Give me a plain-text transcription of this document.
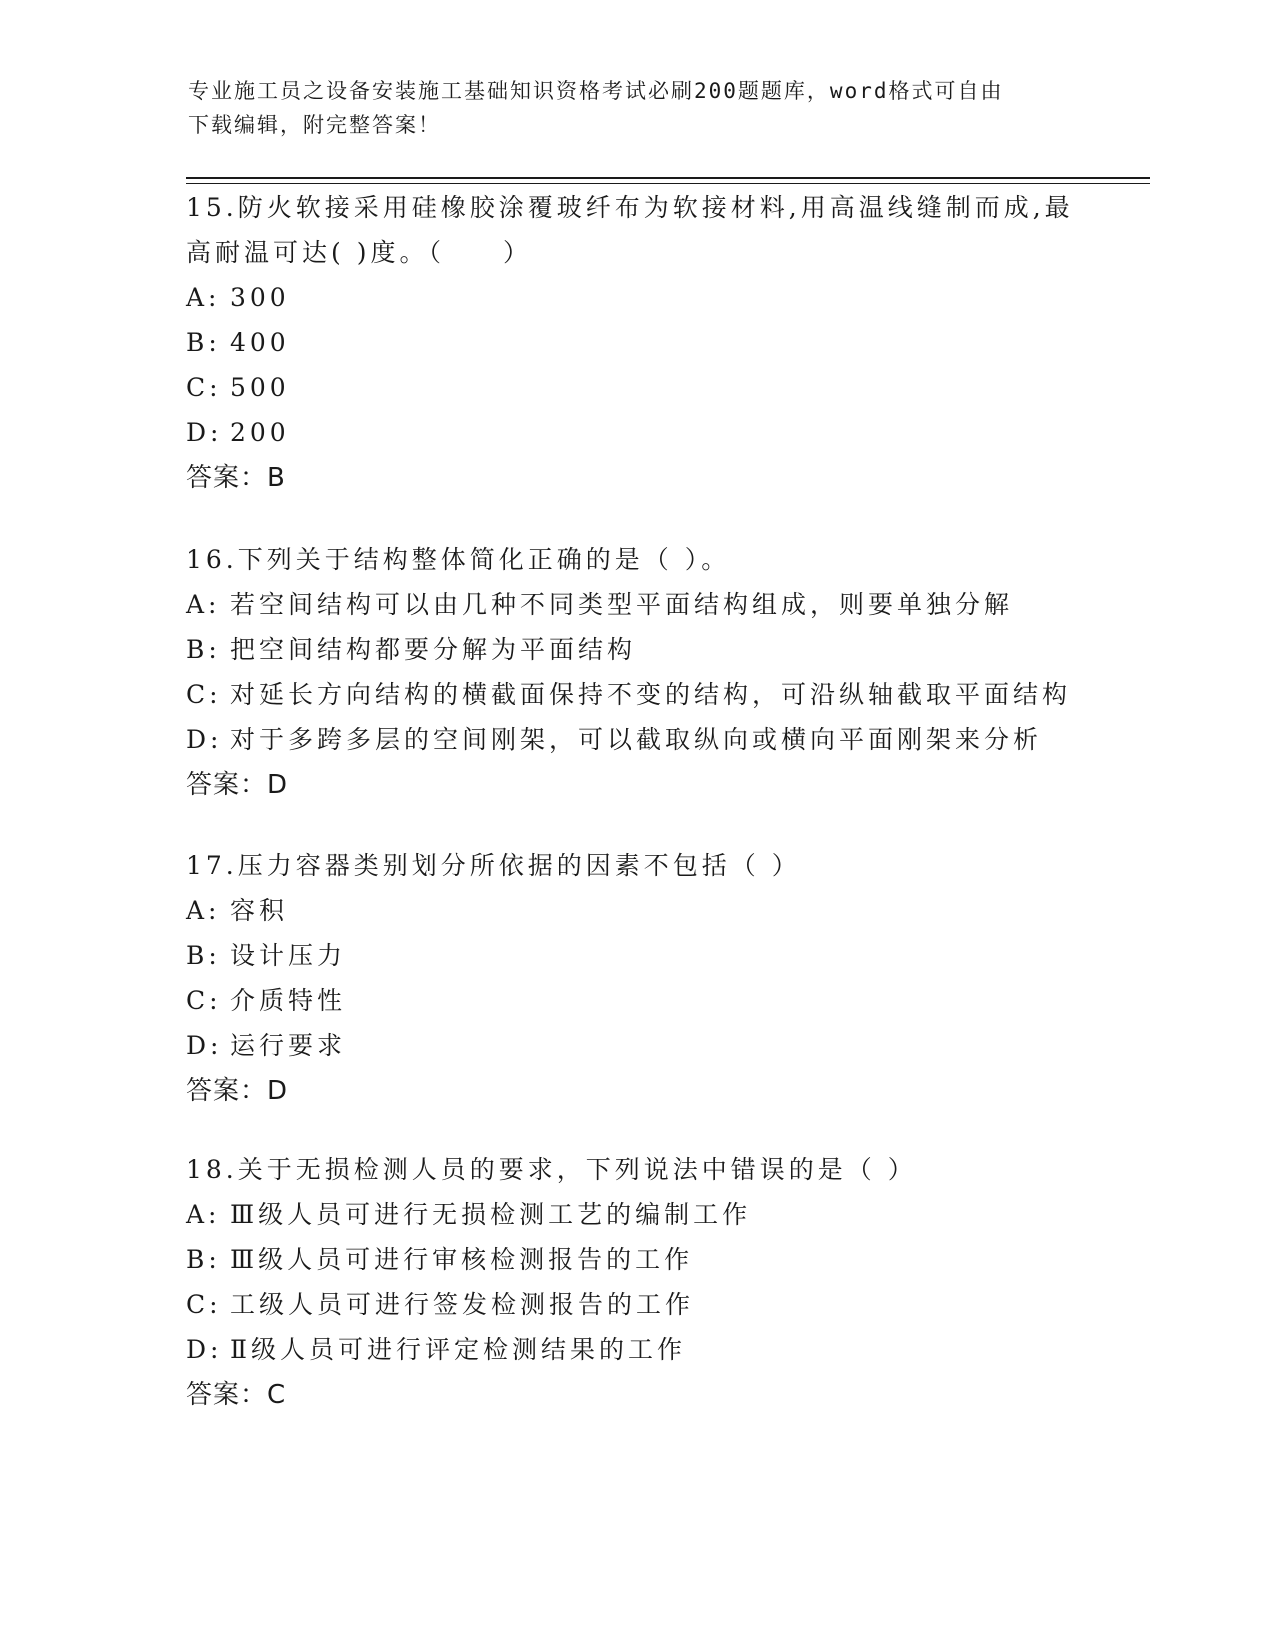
专业施工员之设备安装施工基础知识资格考试必刷200题题库，word格式可自由
下载编辑，附完整答案！

15.防火软接采用硅橡胶涂覆玻纤布为软接材料,用高温线缝制而成,最

高耐温可达( )度。（　　）

A: 300

B: 400

C: 500

D: 200

答案：B

16.下列关于结构整体简化正确的是（ ）。

A: 若空间结构可以由几种不同类型平面结构组成，则要单独分解

B: 把空间结构都要分解为平面结构

C: 对延长方向结构的横截面保持不变的结构，可沿纵轴截取平面结构

D: 对于多跨多层的空间刚架，可以截取纵向或横向平面刚架来分析

答案：D

17.压力容器类别划分所依据的因素不包括（ ）

A: 容积

B: 设计压力

C: 介质特性

D: 运行要求

答案：D

18.关于无损检测人员的要求，下列说法中错误的是（ ）

A: Ⅲ级人员可进行无损检测工艺的编制工作

B: Ⅲ级人员可进行审核检测报告的工作

C: 工级人员可进行签发检测报告的工作

D: Ⅱ级人员可进行评定检测结果的工作

答案：C
